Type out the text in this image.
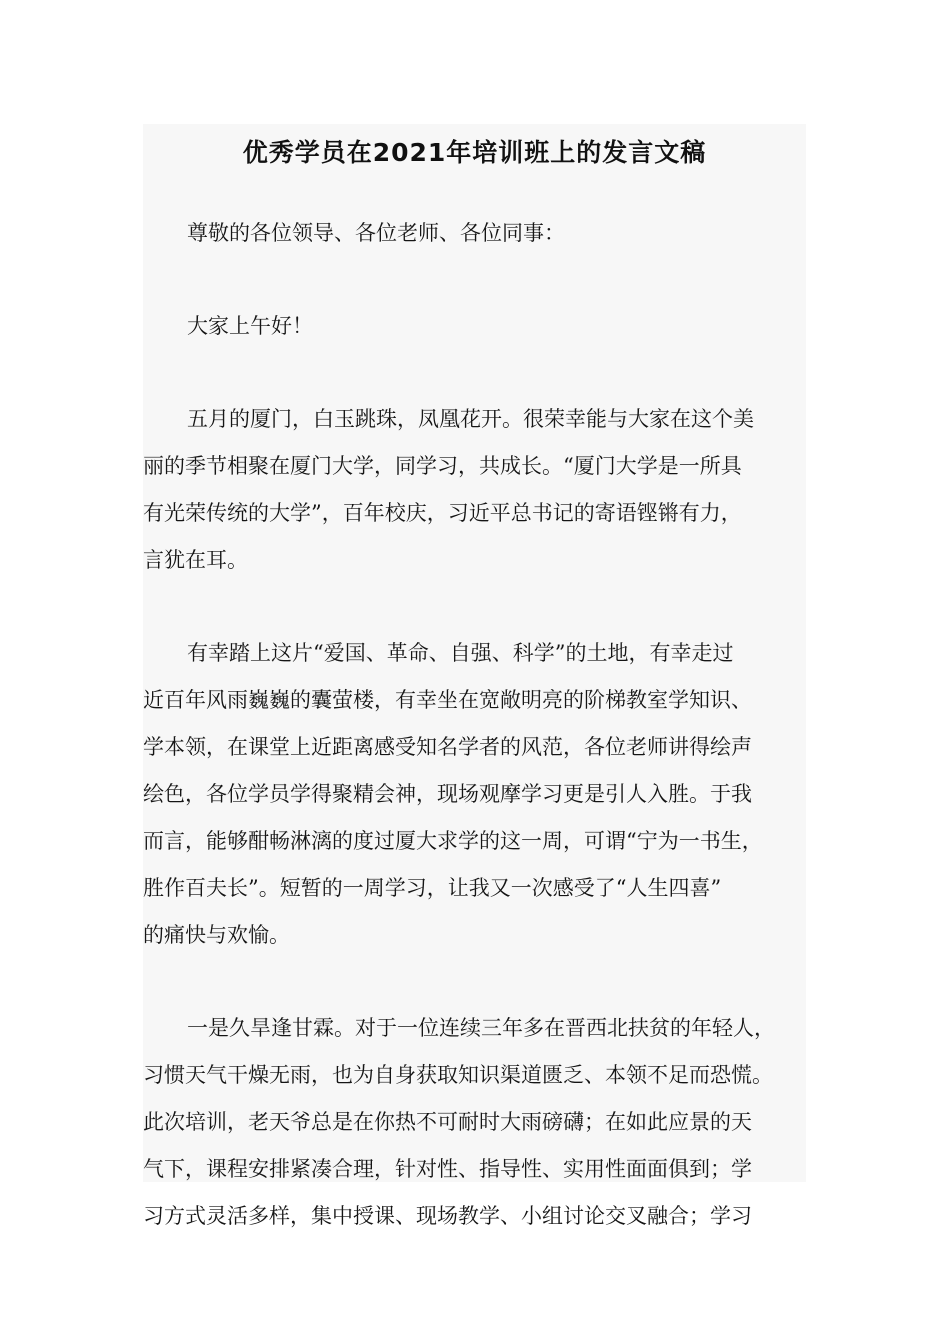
优秀学员在2021年培训班上的发言文稿
尊敬的各位领导、各位老师、各位同事：
大家上午好！
五月的厦门，白玉跳珠，凤凰花开。很荣幸能与大家在这个美
丽的季节相聚在厦门大学，同学习，共成长。“厦门大学是一所具
有光荣传统的大学”，百年校庆，习近平总书记的寄语铿锵有力，
言犹在耳。
有幸踏上这片“爱国、革命、自强、科学”的土地，有幸走过
近百年风雨巍巍的囊萤楼，有幸坐在宽敞明亮的阶梯教室学知识、
学本领，在课堂上近距离感受知名学者的风范，各位老师讲得绘声
绘色，各位学员学得聚精会神，现场观摩学习更是引人入胜。于我
而言，能够酣畅淋漓的度过厦大求学的这一周，可谓“宁为一书生，
胜作百夫长”。短暂的一周学习，让我又一次感受了“人生四喜”
的痛快与欢愉。
一是久旱逢甘霖。对于一位连续三年多在晋西北扶贫的年轻人，
习惯天气干燥无雨，也为自身获取知识渠道匮乏、本领不足而恐慌。
此次培训，老天爷总是在你热不可耐时大雨磅礴；在如此应景的天
气下，课程安排紧凑合理，针对性、指导性、实用性面面俱到；学
习方式灵活多样，集中授课、现场教学、小组讨论交叉融合；学习
